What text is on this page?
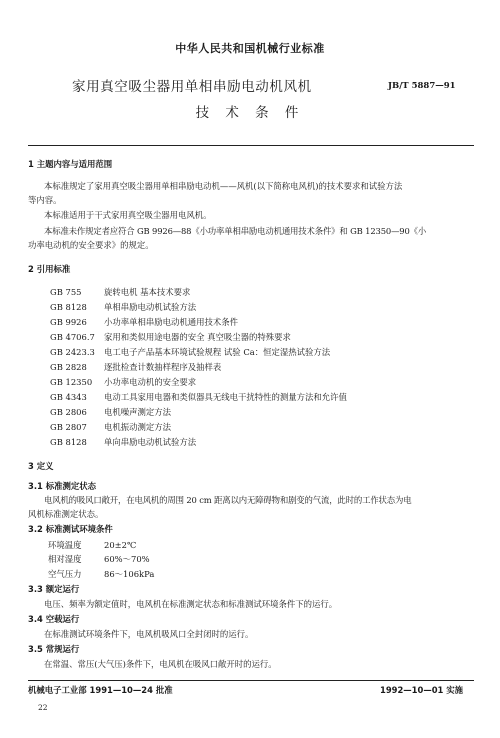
中华人民共和国机械行业标准
家用真空吸尘器用单相串励电动机风机	JB/T 5887—91
技 术 条 件
1 主题内容与适用范围
本标准规定了家用真空吸尘器用单相串励电动机——风机(以下简称电风机)的技术要求和试验方法
等内容。
本标准适用于干式家用真空吸尘器用电风机。
本标准未作规定者应符合 GB 9926—88《小功率单相串励电动机通用技术条件》和 GB 12350—90《小
功率电动机的安全要求》的规定。
2 引用标准
GB 755	旋转电机 基本技术要求
GB 8128 单相串励电动机试验方法
GB 9926 小功率单相串励电动机通用技术条件
GB 4706.7 家用和类似用途电器的安全 真空吸尘器的特殊要求
GB 2423.3 电工电子产品基本环境试验规程 试验 Ca：恒定湿热试验方法
GB 2828 逐批检查计数抽样程序及抽样表
GB 12350 小功率电动机的安全要求
GB 4343 电动工具家用电器和类似器具无线电干扰特性的测量方法和允许值
GB 2806 电机噪声测定方法
GB 2807 电机振动测定方法
GB 8128 单向串励电动机试验方法
3 定义
3.1 标准测定状态
电风机的吸风口敞开，在电风机的周围 20 cm 距离以内无障碍物和剧变的气流，此时的工作状态为电
风机标准测定状态。
3.2 标准测试环境条件
环境温度	20±2℃
相对湿度	60%～70%
空气压力	86～106kPa
3.3 额定运行
电压、频率为额定值时，电风机在标准测定状态和标准测试环境条件下的运行。
3.4 空载运行
在标准测试环境条件下，电风机吸风口全封闭时的运行。
3.5 常规运行
在常温、常压(大气压)条件下，电风机在吸风口敞开时的运行。
机械电子工业部 1991—10—24 批准	1992—10—01 实施
22
